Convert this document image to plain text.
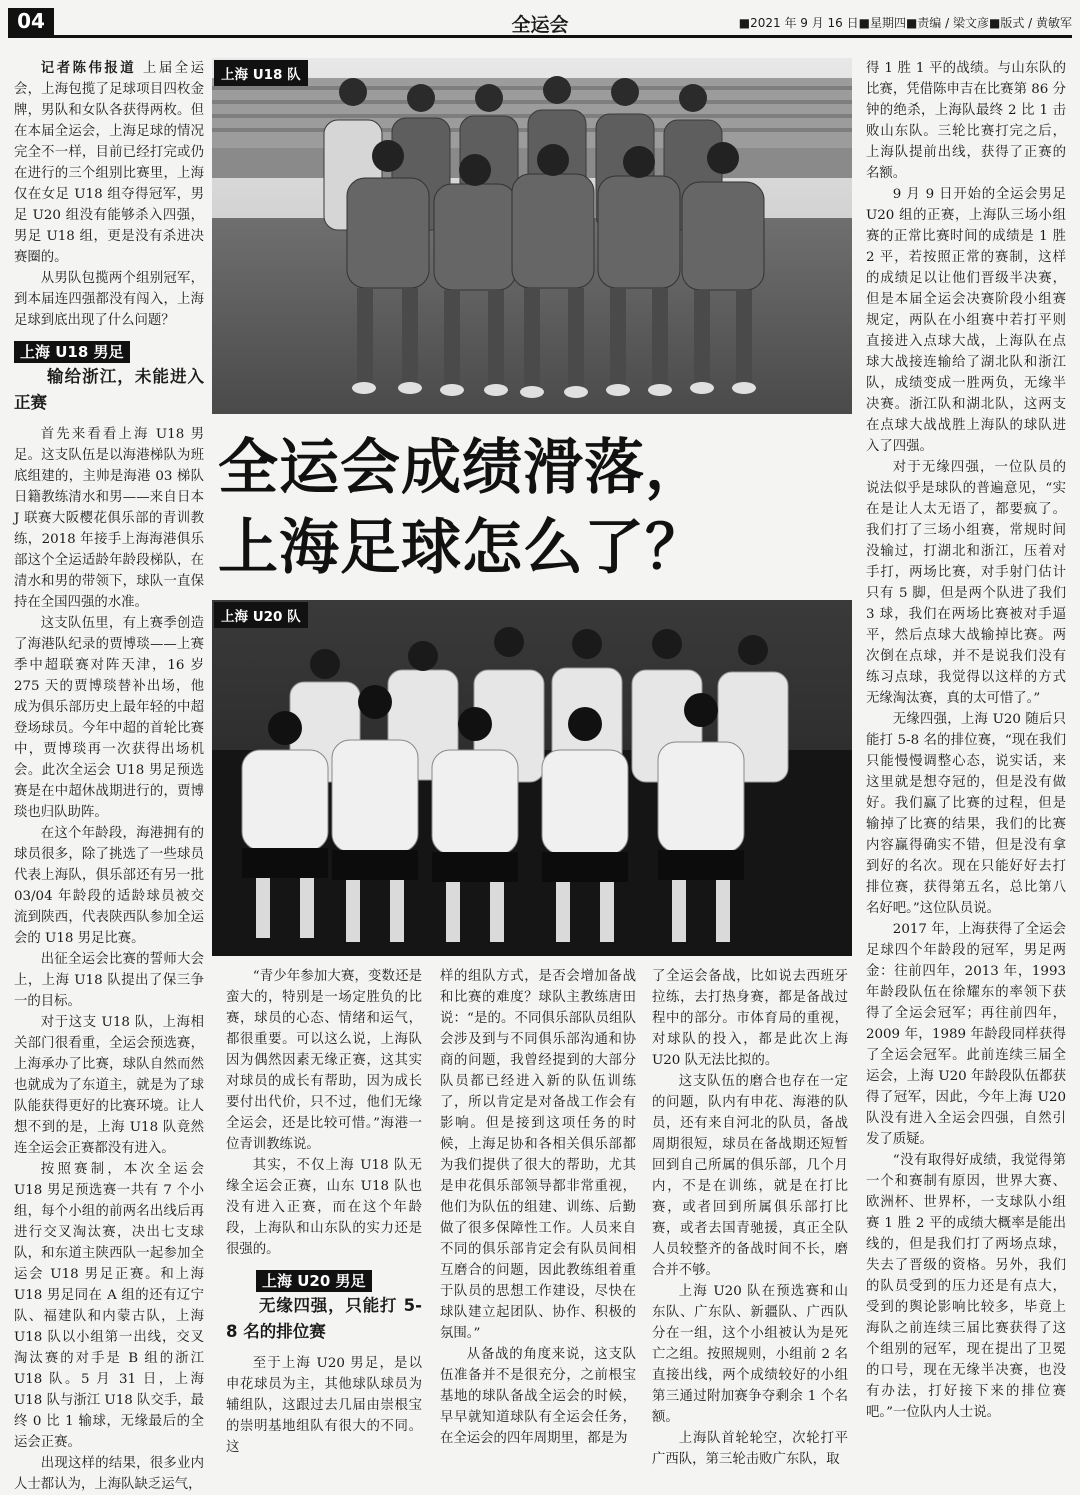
04	全运会	■2021 年 9 月 16 日■星期四■责编 / 梁文彦■版式 / 黄敏军

记者陈伟报道 上届全运会，上海包揽了足球项目四枚金牌，男队和女队各获得两枚。但在本届全运会，上海足球的情况完全不一样，目前已经打完或仍在进行的三个组别比赛里，上海仅在女足 U18 组夺得冠军，男足 U20 组没有能够杀入四强，男足 U18 组，更是没有杀进决赛圈的。

从男队包揽两个组别冠军，到本届连四强都没有闯入，上海足球到底出现了什么问题？

上海 U18 男足

输给浙江，未能进入正赛

首先来看看上海 U18 男足。这支队伍是以海港梯队为班底组建的，主帅是海港 03 梯队日籍教练清水和男——来自日本 J 联赛大阪樱花俱乐部的青训教练，2018 年接手上海海港俱乐部这个全运适龄年龄段梯队，在清水和男的带领下，球队一直保持在全国四强的水准。

这支队伍里，有上赛季创造了海港队纪录的贾博琰——上赛季中超联赛对阵天津，16 岁 275 天的贾博琰替补出场，他成为俱乐部历史上最年轻的中超登场球员。今年中超的首轮比赛中，贾博琰再一次获得出场机会。此次全运会 U18 男足预选赛是在中超休战期进行的，贾博琰也归队助阵。

在这个年龄段，海港拥有的球员很多，除了挑选了一些球员代表上海队，俱乐部还有另一批 03/04 年龄段的适龄球员被交流到陕西，代表陕西队参加全运会的 U18 男足比赛。

出征全运会比赛的誓师大会上，上海 U18 队提出了保三争一的目标。

对于这支 U18 队，上海相关部门很看重，全运会预选赛，上海承办了比赛，球队自然而然也就成为了东道主，就是为了球队能获得更好的比赛环境。让人想不到的是，上海 U18 队竟然连全运会正赛都没有进入。

按照赛制，本次全运会 U18 男足预选赛一共有 7 个小组，每个小组的前两名出线后再进行交叉淘汰赛，决出七支球队，和东道主陕西队一起参加全运会 U18 男足正赛。和上海 U18 男足同在 A 组的还有辽宁队、福建队和内蒙古队，上海 U18 队以小组第一出线，交叉淘汰赛的对手是 B 组的浙江 U18 队。5 月 31 日，上海 U18 队与浙江 U18 队交手，最终 0 比 1 输球，无缘最后的全运会正赛。

出现这样的结果，很多业内人士都认为，上海队缺乏运气，

上海 U18 队
全运会成绩滑落，
上海足球怎么了？
上海 U20 队

“青少年参加大赛，变数还是蛮大的，特别是一场定胜负的比赛，球员的心态、情绪和运气，都很重要。可以这么说，上海队因为偶然因素无缘正赛，这其实对球员的成长有帮助，因为成长要付出代价，只不过，他们无缘全运会，还是比较可惜。”海港一位青训教练说。

其实，不仅上海 U18 队无缘全运会正赛，山东 U18 队也没有进入正赛，而在这个年龄段，上海队和山东队的实力还是很强的。

上海 U20 男足

无缘四强，只能打 5-8 名的排位赛

至于上海 U20 男足，是以申花球员为主，其他球队球员为辅组队，这跟过去几届由崇根宝的崇明基地组队有很大的不同。这

样的组队方式，是否会增加备战和比赛的难度？球队主教练唐田说：“是的。不同俱乐部队员组队会涉及到与不同俱乐部沟通和协商的问题，我曾经提到的大部分队员都已经进入新的队伍训练了，所以肯定是对备战工作会有影响。但是接到这项任务的时候，上海足协和各相关俱乐部都为我们提供了很大的帮助，尤其是申花俱乐部领导都非常重视，他们为队伍的组建、训练、后勤做了很多保障性工作。人员来自不同的俱乐部肯定会有队员间相互磨合的问题，因此教练组着重于队员的思想工作建设，尽快在球队建立起团队、协作、积极的氛围。”

从备战的角度来说，这支队伍准备并不是很充分，之前根宝基地的球队备战全运会的时候，早早就知道球队有全运会任务，在全运会的四年周期里，都是为

了全运会备战，比如说去西班牙拉练，去打热身赛，都是备战过程中的部分。市体育局的重视，对球队的投入，都是此次上海 U20 队无法比拟的。

这支队伍的磨合也存在一定的问题，队内有申花、海港的队员，还有来自河北的队员，备战周期很短，球员在备战期还短暂回到自己所属的俱乐部，几个月内，不是在训练，就是在打比赛，或者回到所属俱乐部打比赛，或者去国青驰援，真正全队人员较整齐的备战时间不长，磨合并不够。

上海 U20 队在预选赛和山东队、广东队、新疆队、广西队分在一组，这个小组被认为是死亡之组。按照规则，小组前 2 名直接出线，两个成绩较好的小组第三通过附加赛争夺剩余 1 个名额。

上海队首轮轮空，次轮打平广西队，第三轮击败广东队，取

得 1 胜 1 平的战绩。与山东队的比赛，凭借陈申吉在比赛第 86 分钟的绝杀，上海队最终 2 比 1 击败山东队。三轮比赛打完之后，上海队提前出线，获得了正赛的名额。

9 月 9 日开始的全运会男足 U20 组的正赛，上海队三场小组赛的正常比赛时间的成绩是 1 胜 2 平，若按照正常的赛制，这样的成绩足以让他们晋级半决赛，但是本届全运会决赛阶段小组赛规定，两队在小组赛中若打平则直接进入点球大战，上海队在点球大战接连输给了湖北队和浙江队，成绩变成一胜两负，无缘半决赛。浙江队和湖北队，这两支在点球大战战胜上海队的球队进入了四强。

对于无缘四强，一位队员的说法似乎是球队的普遍意见，“实在是让人太无语了，都要疯了。我们打了三场小组赛，常规时间没输过，打湖北和浙江，压着对手打，两场比赛，对手射门估计只有 5 脚，但是两个队进了我们 3 球，我们在两场比赛被对手逼平，然后点球大战输掉比赛。两次倒在点球，并不是说我们没有练习点球，我觉得以这样的方式无缘淘汰赛，真的太可惜了。”

无缘四强，上海 U20 随后只能打 5-8 名的排位赛，“现在我们只能慢慢调整心态，说实话，来这里就是想夺冠的，但是没有做好。我们赢了比赛的过程，但是输掉了比赛的结果，我们的比赛内容赢得确实不错，但是没有拿到好的名次。现在只能好好去打排位赛，获得第五名，总比第八名好吧。”这位队员说。

2017 年，上海获得了全运会足球四个年龄段的冠军，男足两金：往前四年，2013 年，1993 年龄段队伍在徐耀东的率领下获得了全运会冠军；再往前四年，2009 年，1989 年龄段同样获得了全运会冠军。此前连续三届全运会，上海 U20 年龄段队伍都获得了冠军，因此，今年上海 U20 队没有进入全运会四强，自然引发了质疑。

“没有取得好成绩，我觉得第一个和赛制有原因，世界大赛、欧洲杯、世界杯，一支球队小组赛 1 胜 2 平的成绩大概率是能出线的，但是我们打了两场点球，失去了晋级的资格。另外，我们的队员受到的压力还是有点大，受到的舆论影响比较多，毕竟上海队之前连续三届比赛获得了这个组别的冠军，现在提出了卫冕的口号，现在无缘半决赛，也没有办法，打好接下来的排位赛吧。”一位队内人士说。
